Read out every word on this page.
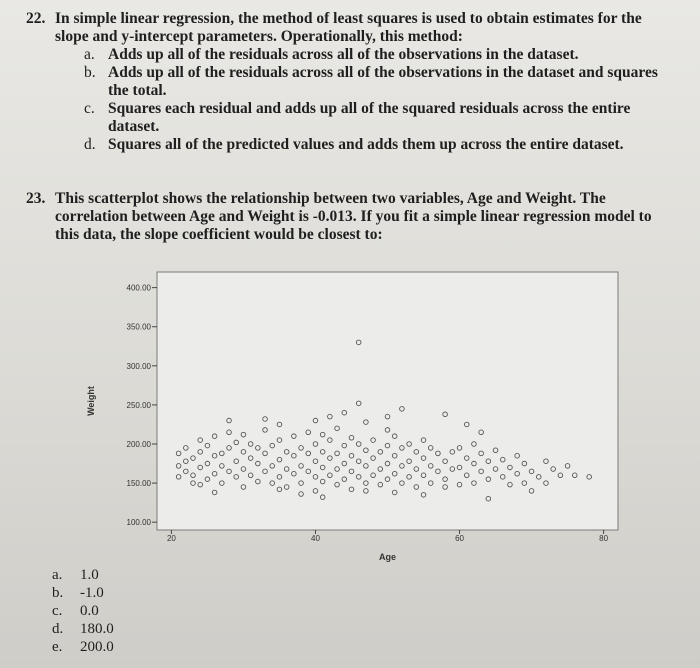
22. In simple linear regression, the method of least squares is used to obtain estimates for the slope and y-intercept parameters. Operationally, this method:
a. Adds up all of the residuals across all of the observations in the dataset.
b. Adds up all of the residuals across all of the observations in the dataset and squares the total.
c. Squares each residual and adds up all of the squared residuals across the entire dataset.
d. Squares all of the predicted values and adds them up across the entire dataset.
23. This scatterplot shows the relationship between two variables, Age and Weight. The correlation between Age and Weight is -0.013. If you fit a simple linear regression model to this data, the slope coefficient would be closest to:
100.00
150.00
200.00
250.00
300.00
350.00
400.00
20	40	60	80
Age
Weight
a.	1.0
b.	-1.0
c.	0.0
d.	180.0
e.	200.0
